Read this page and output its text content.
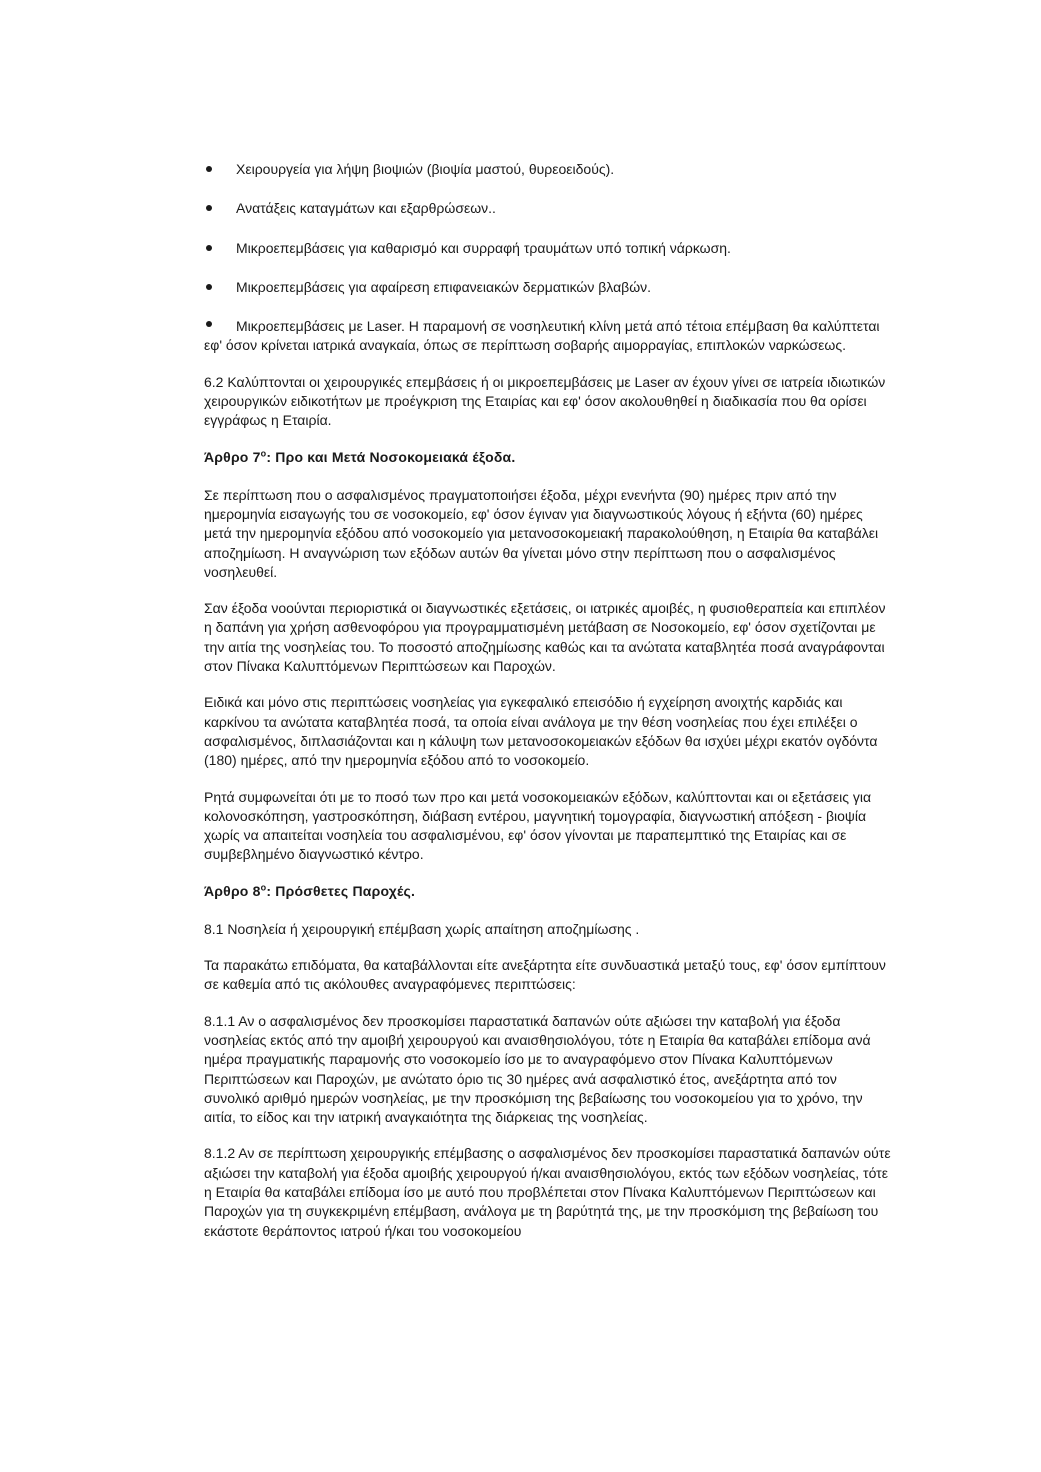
Χειρουργεία για λήψη βιοψιών (βιοψία μαστού, θυρεοειδούς).
Ανατάξεις καταγμάτων και εξαρθρώσεων..
Μικροεπεμβάσεις για καθαρισμό και συρραφή τραυμάτων υπό τοπική νάρκωση.
Μικροεπεμβάσεις για αφαίρεση επιφανειακών δερματικών βλαβών.
Μικροεπεμβάσεις με Laser. Η παραμονή σε νοσηλευτική κλίνη μετά από τέτοια επέμβαση θα καλύπτεται εφ' όσον κρίνεται ιατρικά αναγκαία, όπως σε περίπτωση σοβαρής αιμορραγίας, επιπλοκών ναρκώσεως.

6.2 Καλύπτονται οι χειρουργικές επεμβάσεις ή οι μικροεπεμβάσεις με Laser αν έχουν γίνει σε ιατρεία ιδιωτικών χειρουργικών ειδικοτήτων με προέγκριση της Εταιρίας και εφ' όσον ακολουθηθεί η διαδικασία που θα ορίσει εγγράφως η Εταιρία.

Άρθρο $7^o$: Προ και Μετά Νοσοκομειακά έξοδα.

Σε περίπτωση που ο ασφαλισμένος πραγματοποιήσει έξοδα, μέχρι ενενήντα (90) ημέρες πριν από την ημερομηνία εισαγωγής του σε νοσοκομείο, εφ' όσον έγιναν για διαγνωστικούς λόγους ή εξήντα (60) ημέρες μετά την ημερομηνία εξόδου από νοσοκομείο για μετανοσοκομειακή παρακολούθηση, η Εταιρία θα καταβάλει αποζημίωση. Η αναγνώριση των εξόδων αυτών θα γίνεται μόνο στην περίπτωση που ο ασφαλισμένος νοσηλευθεί.

Σαν έξοδα νοούνται περιοριστικά οι διαγνωστικές εξετάσεις, οι ιατρικές αμοιβές, η φυσιοθεραπεία και επιπλέον η δαπάνη για χρήση ασθενοφόρου για προγραμματισμένη μετάβαση σε Νοσοκομείο, εφ' όσον σχετίζονται με την αιτία της νοσηλείας του. Το ποσοστό αποζημίωσης καθώς και τα ανώτατα καταβλητέα ποσά αναγράφονται στον Πίνακα Καλυπτόμενων Περιπτώσεων και Παροχών.

Ειδικά και μόνο στις περιπτώσεις νοσηλείας για εγκεφαλικό επεισόδιο ή εγχείρηση ανοιχτής καρδιάς και καρκίνου τα ανώτατα καταβλητέα ποσά, τα οποία είναι ανάλογα με την θέση νοσηλείας που έχει επιλέξει ο ασφαλισμένος, διπλασιάζονται και η κάλυψη των μετανοσοκομειακών εξόδων θα ισχύει μέχρι εκατόν ογδόντα (180) ημέρες, από την ημερομηνία εξόδου από το νοσοκομείο.

Ρητά συμφωνείται ότι με το ποσό των προ και μετά νοσοκομειακών εξόδων, καλύπτονται και οι εξετάσεις για κολονοσκόπηση, γαστροσκόπηση, διάβαση εντέρου, μαγνητική τομογραφία, διαγνωστική απόξεση - βιοψία χωρίς να απαιτείται νοσηλεία του ασφαλισμένου, εφ' όσον γίνονται με παραπεμπτικό της Εταιρίας και σε συμβεβλημένο διαγνωστικό κέντρο.

Άρθρο $8^o$: Πρόσθετες Παροχές.

8.1 Νοσηλεία ή χειρουργική επέμβαση χωρίς απαίτηση αποζημίωσης .

Τα παρακάτω επιδόματα, θα καταβάλλονται είτε ανεξάρτητα είτε συνδυαστικά μεταξύ τους, εφ' όσον εμπίπτουν σε καθεμία από τις ακόλουθες αναγραφόμενες περιπτώσεις:

8.1.1 Αν ο ασφαλισμένος δεν προσκομίσει παραστατικά δαπανών ούτε αξιώσει την καταβολή για έξοδα νοσηλείας εκτός από την αμοιβή χειρουργού και αναισθησιολόγου, τότε η Εταιρία θα καταβάλει επίδομα ανά ημέρα πραγματικής παραμονής στο νοσοκομείο ίσο με το αναγραφόμενο στον Πίνακα Καλυπτόμενων Περιπτώσεων και Παροχών, με ανώτατο όριο τις 30 ημέρες ανά ασφαλιστικό έτος, ανεξάρτητα από τον συνολικό αριθμό ημερών νοσηλείας, με την προσκόμιση της βεβαίωσης του νοσοκομείου για το χρόνο, την αιτία, το είδος και την ιατρική αναγκαιότητα της διάρκειας της νοσηλείας.

8.1.2 Αν σε περίπτωση χειρουργικής επέμβασης ο ασφαλισμένος δεν προσκομίσει παραστατικά δαπανών ούτε αξιώσει την καταβολή για έξοδα αμοιβής χειρουργού ή/και αναισθησιολόγου, εκτός των εξόδων νοσηλείας, τότε η Εταιρία θα καταβάλει επίδομα ίσο με αυτό που προβλέπεται στον Πίνακα Καλυπτόμενων Περιπτώσεων και Παροχών για τη συγκεκριμένη επέμβαση, ανάλογα με τη βαρύτητά της, με την προσκόμιση της βεβαίωση του εκάστοτε θεράποντος ιατρού ή/και του νοσοκομείου
